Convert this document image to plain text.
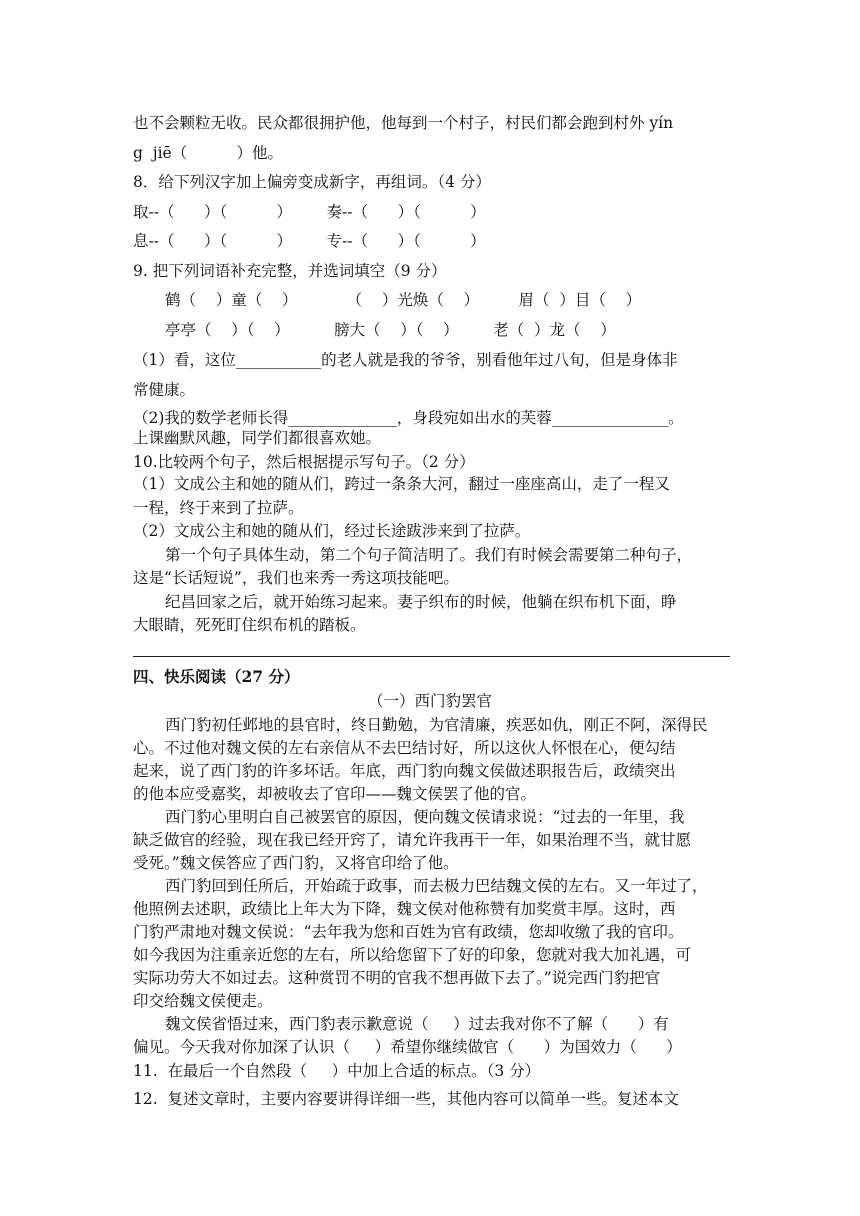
也不会颗粒无收。民众都很拥护他，他每到一个村子，村民们都会跑到村外 yín
g  jiē（          ）他。
8．给下列汉字加上偏旁变成新字，再组词。（4 分）
取--（      ）（          ）       奏--（      ）（          ）
息--（      ）（          ）       专--（      ）（          ）
9. 把下列词语补充完整，并选词填空（9 分）
鹤（    ）童（    ）          （    ）光焕（    ）        眉（  ）目（    ）
亭亭（    ）（    ）         膀大（    ）（    ）       老（  ）龙（    ）
（1）看，这位___________的老人就是我的爷爷，别看他年过八旬，但是身体非
常健康。
（2)我的数学老师长得______________，身段宛如出水的芙蓉_______________。
上课幽默风趣，同学们都很喜欢她。
10.比较两个句子，然后根据提示写句子。（2 分）
（1）文成公主和她的随从们，跨过一条条大河，翻过一座座高山，走了一程又
一程，终于来到了拉萨。
（2）文成公主和她的随从们，经过长途跋涉来到了拉萨。
第一个句子具体生动，第二个句子简洁明了。我们有时候会需要第二种句子，
这是“长话短说”，我们也来秀一秀这项技能吧。
纪昌回家之后，就开始练习起来。妻子织布的时候，他躺在织布机下面，睁
大眼睛，死死盯住织布机的踏板。
四、快乐阅读（27 分）
（一）西门豹罢官
西门豹初任邺地的县官时，终日勤勉，为官清廉，疾恶如仇，刚正不阿，深得民
心。不过他对魏文侯的左右亲信从不去巴结讨好，所以这伙人怀恨在心，便勾结
起来，说了西门豹的许多坏话。年底，西门豹向魏文侯做述职报告后，政绩突出
的他本应受嘉奖，却被收去了官印——魏文侯罢了他的官。
西门豹心里明白自己被罢官的原因，便向魏文侯请求说：“过去的一年里，我
缺乏做官的经验，现在我已经开窍了，请允许我再干一年，如果治理不当，就甘愿
受死。”魏文侯答应了西门豹，又将官印给了他。
西门豹回到任所后，开始疏于政事，而去极力巴结魏文侯的左右。又一年过了，
他照例去述职，政绩比上年大为下降，魏文侯对他称赞有加奖赏丰厚。这时，西
门豹严肃地对魏文侯说：“去年我为您和百姓为官有政绩，您却收缴了我的官印。
如今我因为注重亲近您的左右，所以给您留下了好的印象，您就对我大加礼遇，可
实际功劳大不如过去。这种赏罚不明的官我不想再做下去了。”说完西门豹把官
印交给魏文侯便走。
魏文侯省悟过来，西门豹表示歉意说（     ）过去我对你不了解（      ）有
偏见。今天我对你加深了认识（     ）希望你继续做官（      ）为国效力（      ）
11.  在最后一个自然段（     ）中加上合适的标点。（3 分）
12.  复述文章时，主要内容要讲得详细一些，其他内容可以简单一些。复述本文
